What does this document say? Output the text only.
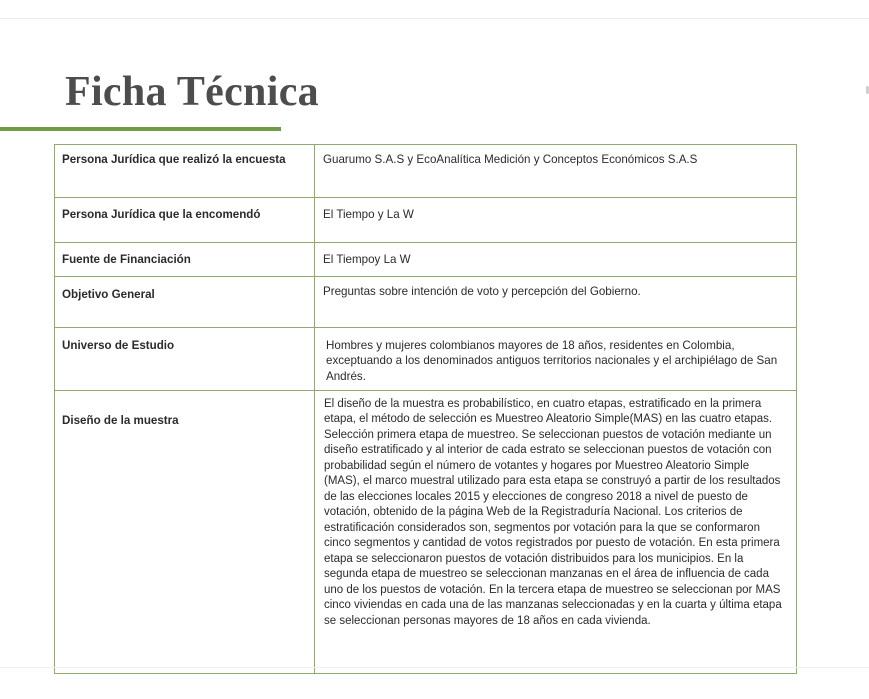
Ficha Técnica
Persona Jurídica que realizó la encuesta	Guarumo S.A.S y EcoAnalítica Medición y Conceptos Económicos S.A.S
Persona Jurídica que la encomendó	El Tiempo y La W
Fuente de Financiación	El Tiempoy La W
Objetivo General	Preguntas sobre intención de voto y percepción del Gobierno.
Universo de Estudio	Hombres y mujeres colombianos mayores de 18 años, residentes en Colombia, exceptuando a los denominados antiguos territorios nacionales y el archipiélago de San Andrés.
Diseño de la muestra	El diseño de la muestra es probabilístico, en cuatro etapas, estratificado en la primera etapa, el método de selección es Muestreo Aleatorio Simple(MAS) en las cuatro etapas. Selección primera etapa de muestreo. Se seleccionan puestos de votación mediante un diseño estratificado y al interior de cada estrato se seleccionan puestos de votación con probabilidad según el número de votantes y hogares por Muestreo Aleatorio Simple (MAS), el marco muestral utilizado para esta etapa se construyó a partir de los resultados de las elecciones locales 2015 y elecciones de congreso 2018 a nivel de puesto de votación, obtenido de la página Web de la Registraduría Nacional. Los criterios de estratificación considerados son, segmentos por votación para la que se conformaron cinco segmentos y cantidad de votos registrados por puesto de votación. En esta primera etapa se seleccionaron puestos de votación distribuidos para los municipios. En la segunda etapa de muestreo se seleccionan manzanas en el área de influencia de cada uno de los puestos de votación. En la tercera etapa de muestreo se seleccionan por MAS cinco viviendas en cada una de las manzanas seleccionadas y en la cuarta y última etapa se seleccionan personas mayores de 18 años en cada vivienda.
